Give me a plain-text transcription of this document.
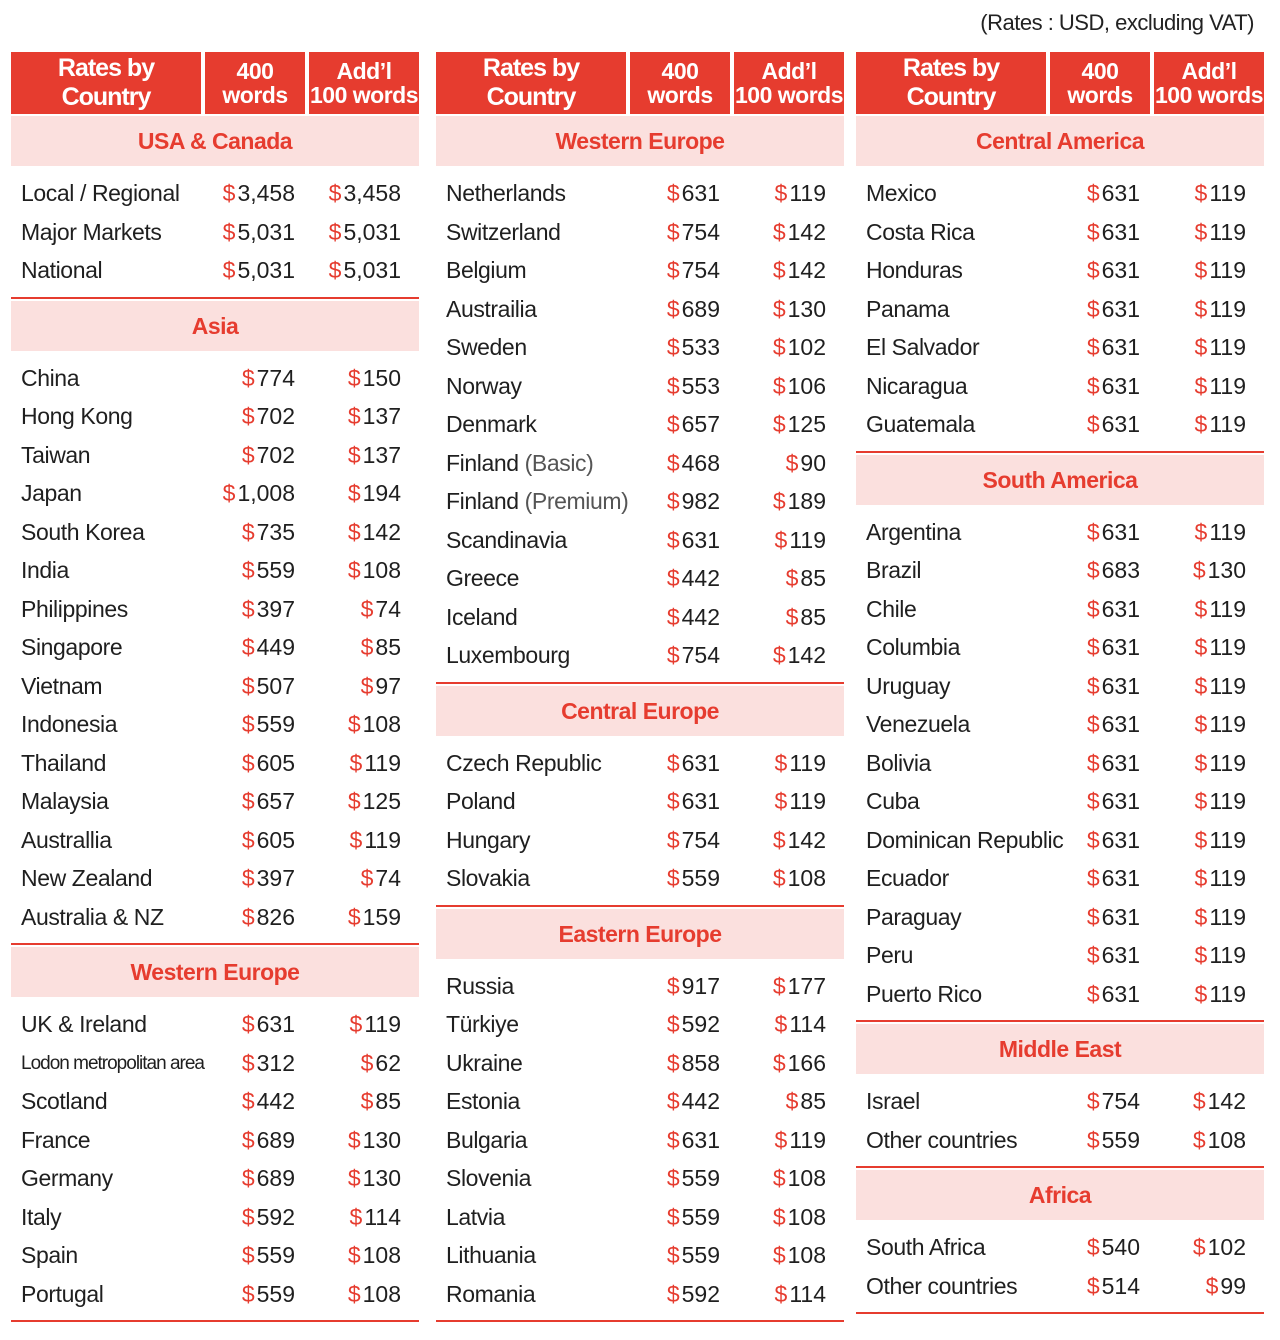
(Rates : USD, excluding VAT)
Rates by Country
400
words
Add’l
100 words
USA & Canada
Local / Regional $3,458 $3,458
Major Markets	$5,031 $5,031
National	$5,031 $5,031
Asia
China	$774 $150
Hong Kong	$702 $137
Taiwan	$702 $137
Japan	$1,008 $194
South Korea	$735 $142
India	$559 $108
Philippines	$397	$74
Singapore	$449	$85
Vietnam	$507	$97
Indonesia	$559 $108
Thailand	$605 $119
Malaysia	$657 $125
Australlia	$605 $119
New Zealand	$397	$74
Australia & NZ	$826 $159
Western Europe
UK & Ireland	$631 $119
Lodon metropolitan area $312	$62
Scotland	$442	$85
France	$689 $130
Germany	$689 $130
Italy	$592 $114
Spain	$559 $108
Portugal	$559 $108
Rates by Country
400
words
Add’l
100 words
Western Europe
Netherlands	$631 $119
Switzerland	$754 $142
Belgium	$754 $142
Austrailia	$689 $130
Sweden	$533 $102
Norway	$553 $106
Denmark	$657 $125
Finland (Basic)	$468	$90
Finland (Premium) $982 $189
Scandinavia	$631 $119
Greece	$442	$85
Iceland	$442	$85
Luxembourg	$754 $142
Central Europe
Czech Republic	$631 $119
Poland	$631 $119
Hungary	$754 $142
Slovakia	$559 $108
Eastern Europe
Russia	$917 $177
Türkiye	$592 $114
Ukraine	$858 $166
Estonia	$442	$85
Bulgaria	$631 $119
Slovenia	$559 $108
Latvia	$559 $108
Lithuania	$559 $108
Romania	$592 $114
Rates by Country
400
words
Add’l
100 words
Central America
Mexico	$631 $119
Costa Rica	$631 $119
Honduras	$631 $119
Panama	$631 $119
El Salvador	$631 $119
Nicaragua	$631 $119
Guatemala	$631 $119
South America
Argentina	$631 $119
Brazil	$683 $130
Chile	$631 $119
Columbia	$631 $119
Uruguay	$631 $119
Venezuela	$631 $119
Bolivia	$631 $119
Cuba	$631 $119
Dominican Republic $631 $119
Ecuador	$631 $119
Paraguay	$631 $119
Peru	$631 $119
Puerto Rico	$631 $119
Middle East
Israel	$754 $142
Other countries	$559 $108
Africa
South Africa	$540 $102
Other countries	$514	$99
